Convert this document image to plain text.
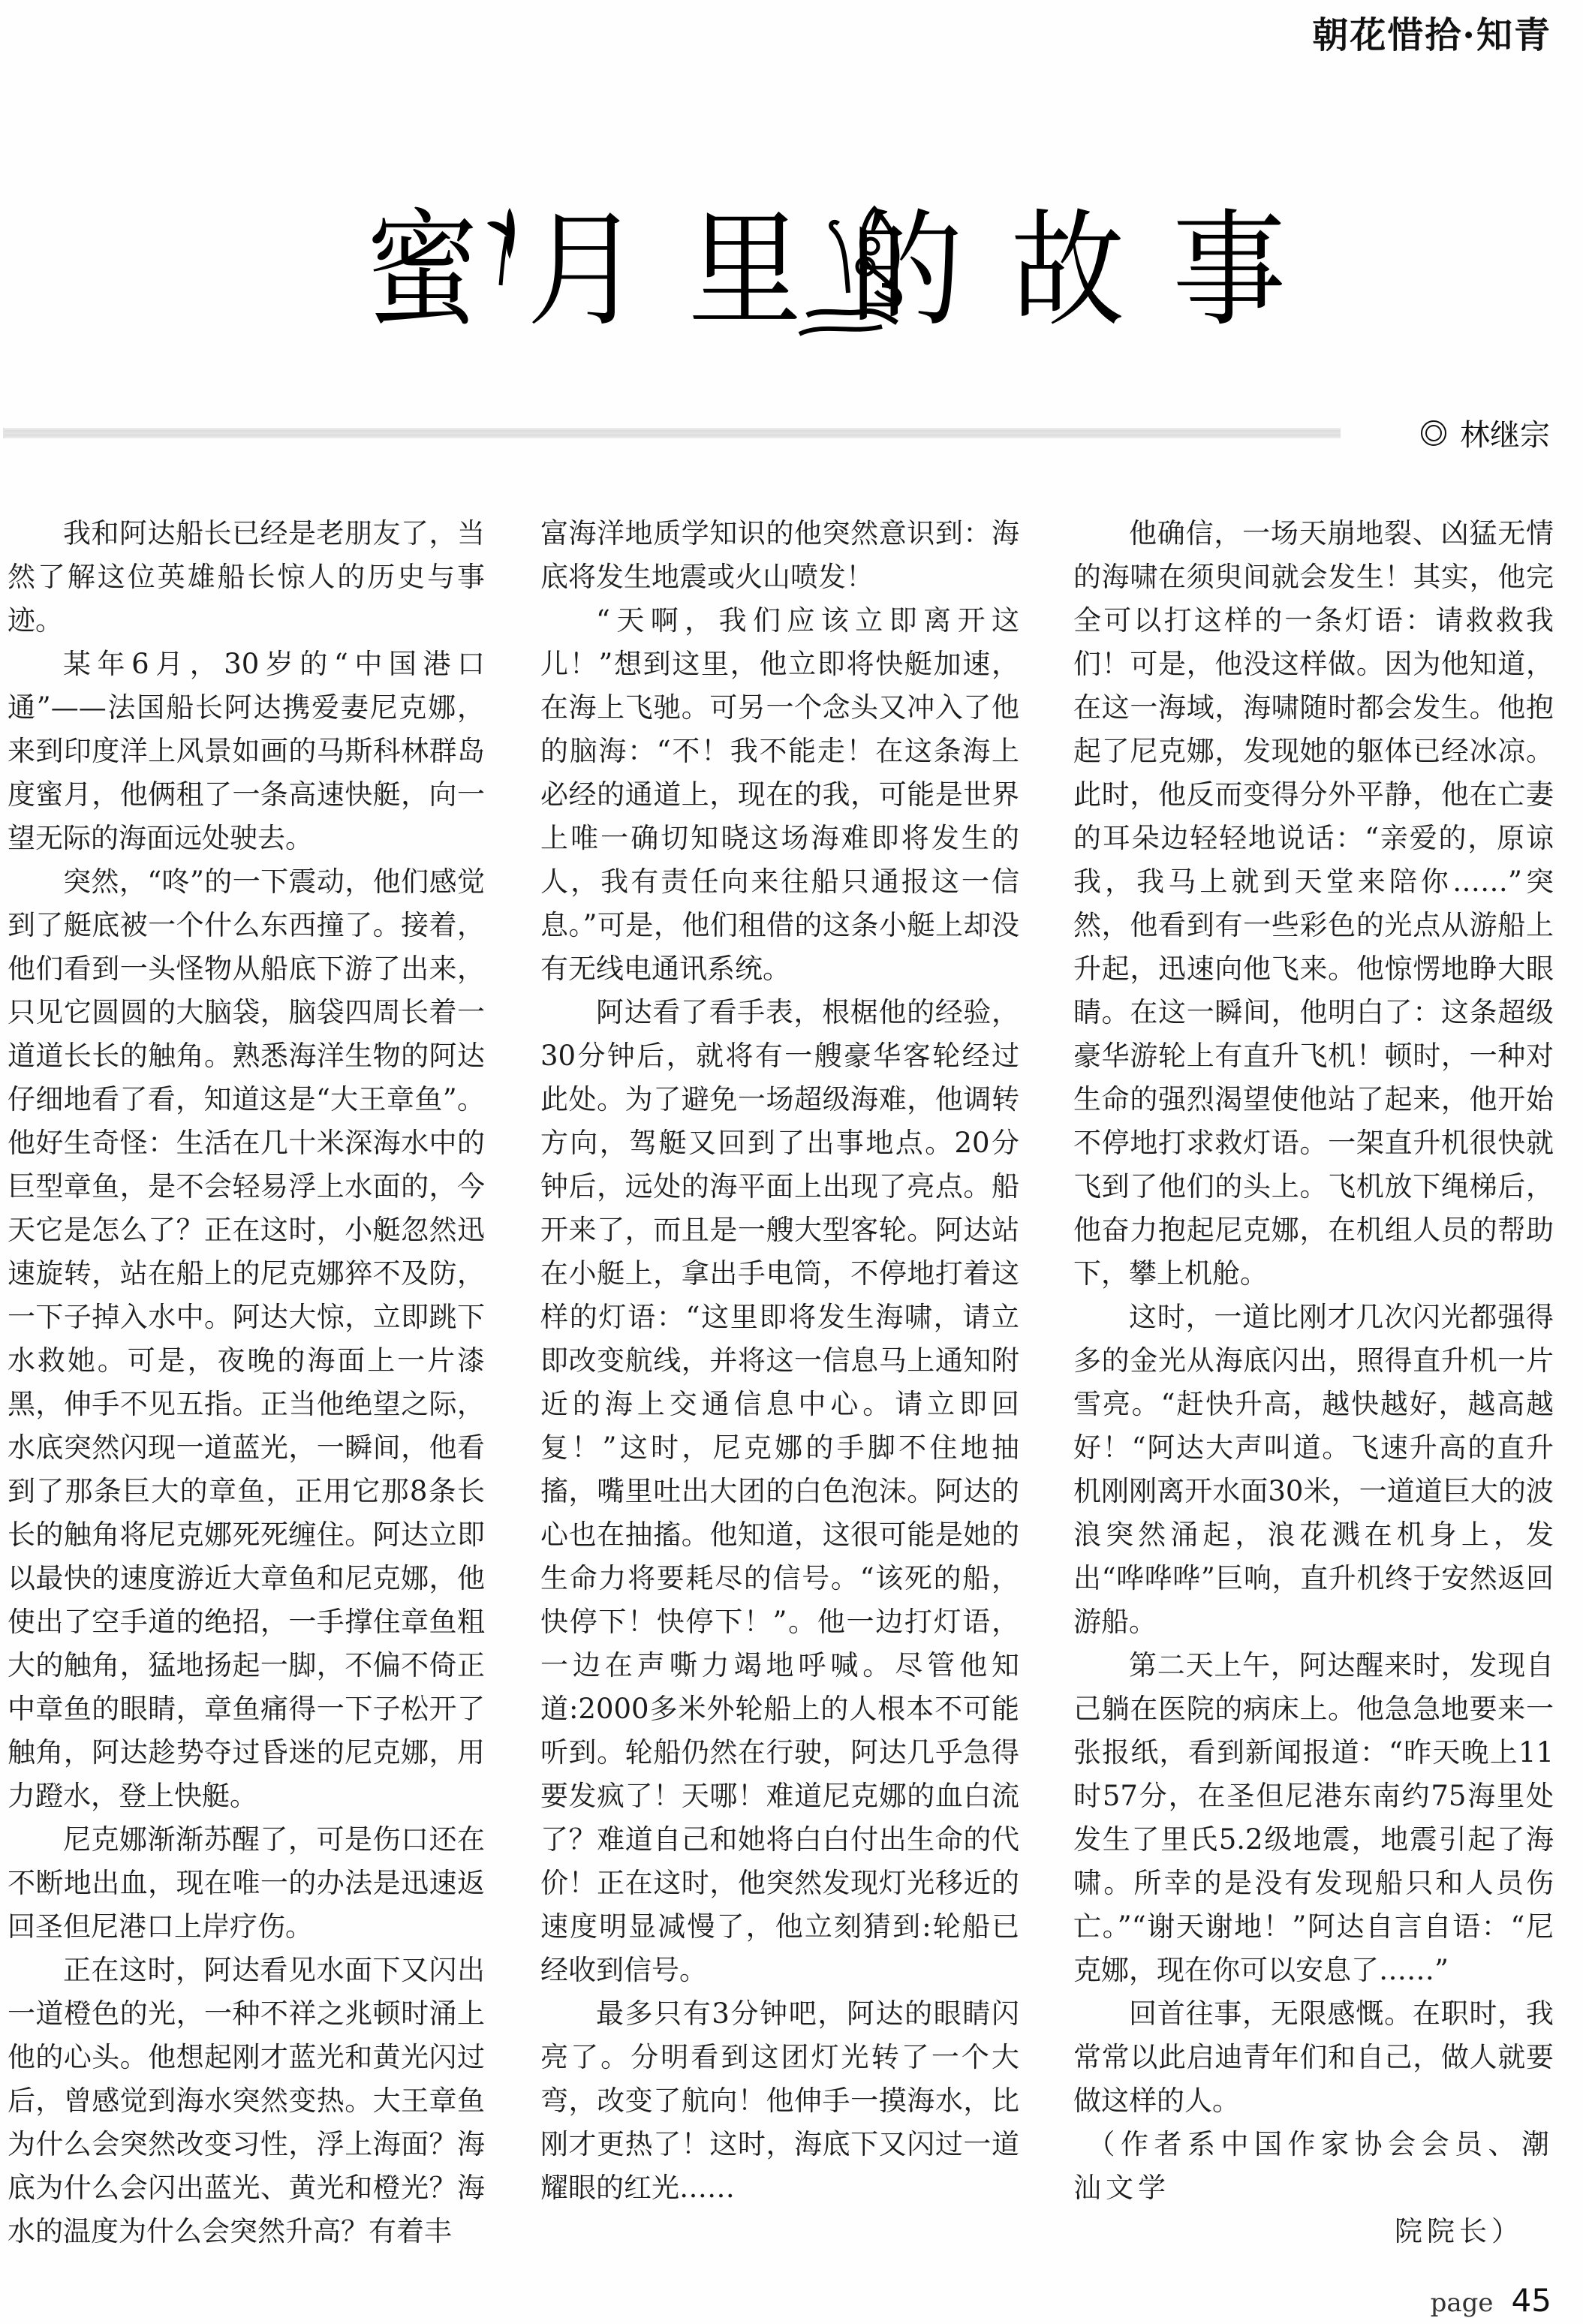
朝花惜拾·知青
蜜 月 里 的 故 事
林继宗

我和阿达船长已经是老朋友了，当然了解这位英雄船长惊人的历史与事迹。

某年6月，30岁的“中国港口通”——法国船长阿达携爱妻尼克娜，来到印度洋上风景如画的马斯科林群岛度蜜月，他俩租了一条高速快艇，向一望无际的海面远处驶去。

突然，“咚”的一下震动，他们感觉到了艇底被一个什么东西撞了。接着，他们看到一头怪物从船底下游了出来，只见它圆圆的大脑袋，脑袋四周长着一道道长长的触角。熟悉海洋生物的阿达仔细地看了看，知道这是“大王章鱼”。他好生奇怪：生活在几十米深海水中的巨型章鱼，是不会轻易浮上水面的，今天它是怎么了？正在这时，小艇忽然迅速旋转，站在船上的尼克娜猝不及防，一下子掉入水中。阿达大惊，立即跳下水救她。可是，夜晚的海面上一片漆黑，伸手不见五指。正当他绝望之际，水底突然闪现一道蓝光，一瞬间，他看到了那条巨大的章鱼，正用它那8条长长的触角将尼克娜死死缠住。阿达立即以最快的速度游近大章鱼和尼克娜，他使出了空手道的绝招，一手撑住章鱼粗大的触角，猛地扬起一脚，不偏不倚正中章鱼的眼睛，章鱼痛得一下子松开了触角，阿达趁势夺过昏迷的尼克娜，用力蹬水，登上快艇。

尼克娜渐渐苏醒了，可是伤口还在不断地出血，现在唯一的办法是迅速返回圣但尼港口上岸疗伤。

正在这时，阿达看见水面下又闪出一道橙色的光，一种不祥之兆顿时涌上他的心头。他想起刚才蓝光和黄光闪过后，曾感觉到海水突然变热。大王章鱼为什么会突然改变习性，浮上海面？海底为什么会闪出蓝光、黄光和橙光？海水的温度为什么会突然升高？有着丰

富海洋地质学知识的他突然意识到：海底将发生地震或火山喷发！

“天啊，我们应该立即离开这儿！”想到这里，他立即将快艇加速，在海上飞驰。可另一个念头又冲入了他的脑海：“不！我不能走！在这条海上必经的通道上，现在的我，可能是世界上唯一确切知晓这场海难即将发生的人，我有责任向来往船只通报这一信息。”可是，他们租借的这条小艇上却没有无线电通讯系统。

阿达看了看手表，根椐他的经验，30分钟后，就将有一艘豪华客轮经过此处。为了避免一场超级海难，他调转方向，驾艇又回到了出事地点。20分钟后，远处的海平面上出现了亮点。船开来了，而且是一艘大型客轮。阿达站在小艇上，拿出手电筒，不停地打着这样的灯语：“这里即将发生海啸，请立即改变航线，并将这一信息马上通知附近的海上交通信息中心。请立即回复！”这时，尼克娜的手脚不住地抽搐，嘴里吐出大团的白色泡沫。阿达的心也在抽搐。他知道，这很可能是她的生命力将要耗尽的信号。“该死的船，快停下！快停下！”。他一边打灯语，一边在声嘶力竭地呼喊。尽管他知道:2000多米外轮船上的人根本不可能听到。轮船仍然在行驶，阿达几乎急得要发疯了！天哪！难道尼克娜的血白流了？难道自己和她将白白付出生命的代价！正在这时，他突然发现灯光移近的速度明显减慢了，他立刻猜到:轮船已经收到信号。

最多只有3分钟吧，阿达的眼睛闪亮了。分明看到这团灯光转了一个大弯，改变了航向！他伸手一摸海水，比刚才更热了！这时，海底下又闪过一道耀眼的红光……

他确信，一场天崩地裂、凶猛无情的海啸在须臾间就会发生！其实，他完全可以打这样的一条灯语：请救救我们！可是，他没这样做。因为他知道，在这一海域，海啸随时都会发生。他抱起了尼克娜，发现她的躯体已经冰凉。此时，他反而变得分外平静，他在亡妻的耳朵边轻轻地说话：“亲爱的，原谅我，我马上就到天堂来陪你……”突然，他看到有一些彩色的光点从游船上升起，迅速向他飞来。他惊愣地睁大眼睛。在这一瞬间，他明白了：这条超级豪华游轮上有直升飞机！顿时，一种对生命的强烈渴望使他站了起来，他开始不停地打求救灯语。一架直升机很快就飞到了他们的头上。飞机放下绳梯后，他奋力抱起尼克娜，在机组人员的帮助下，攀上机舱。

这时，一道比刚才几次闪光都强得多的金光从海底闪出，照得直升机一片雪亮。“赶快升高，越快越好，越高越好！“阿达大声叫道。飞速升高的直升机刚刚离开水面30米，一道道巨大的波浪突然涌起，浪花溅在机身上，发出“哗哗哗”巨响，直升机终于安然返回游船。

第二天上午，阿达醒来时，发现自己躺在医院的病床上。他急急地要来一张报纸，看到新闻报道：“昨天晚上11时57分，在圣但尼港东南约75海里处发生了里氏5.2级地震，地震引起了海啸。所幸的是没有发现船只和人员伤亡。”“谢天谢地！”阿达自言自语：“尼克娜，现在你可以安息了……”

回首往事，无限感慨。在职时，我常常以此启迪青年们和自己，做人就要做这样的人。

（作者系中国作家协会会员、潮汕文学

院院长）

page 45
